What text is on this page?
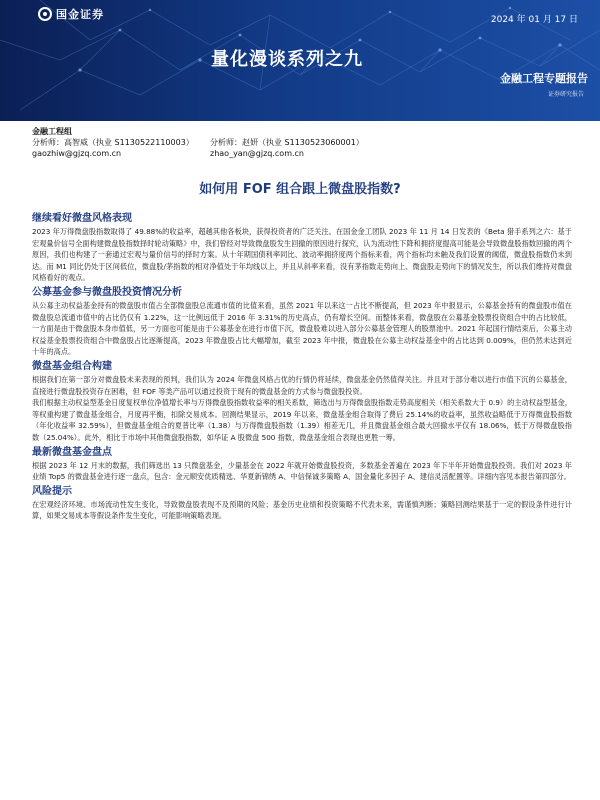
国金证券	2024 年 01 月 17 日
量化漫谈系列之九
金融工程专题报告
证券研究报告
金融工程组
分析师：高智威（执业 S1130522110003）	分析师：赵妍（执业 S1130523060001）
gaozhiw@gjzq.com.cn	zhao_yan@gjzq.com.cn
如何用 FOF 组合跟上微盘股指数?
继续看好微盘风格表现

2023 年万得微盘股指数取得了 49.88%的收益率，超越其他各板块，获得投资者的广泛关注。在国金金工团队 2023 年 11 月 14 日发表的《Beta 猎手系列之六：基于宏观量价信号全面构建微盘股指数择时轮动策略》中，我们曾经对导致微盘股发生回撤的原因进行探究，认为流动性下降和拥挤度提高可能是会导致微盘股指数回撤的两个原因，我们也构建了一套通过宏观与量价信号的择时方案。从十年期国债利率同比、波动率拥挤度两个指标来看，两个指标均未触及我们设置的阈值，微盘股指数仍未到达。而 M1 同比仍处于区间低位，微盘股/茅指数的相对净值处于年均线以上，并且从斜率来看，没有茅指数走势向上、微盘股走势向下的情况发生，所以我们维持对微盘风格看好的观点。

公募基金参与微盘股投资情况分析

从公募主动权益基金持有的微盘股市值占全部微盘股总流通市值的比值来看，虽然 2021 年以来这一占比不断提高，但 2023 年中报显示，公募基金持有的微盘股市值在微盘股总流通市值中的占比仍仅有 1.22%，这一比例远低于 2016 年 3.31%的历史高点，仍有增长空间。而整体来看，微盘股在公募基金股票投资组合中的占比较低，一方面是由于微盘股本身市值低，另一方面也可能是由于公募基金在进行市值下沉，微盘股难以进入部分公募基金管理人的股票池中。2021 年起国行情结束后，公募主动权益基金股票投资组合中微盘股占比逐渐提高，2023 年微盘股占比大幅增加，截至 2023 年中报，微盘股在公募主动权益基金中的占比达到 0.009%，但仍然未达到近十年的高点。

微盘基金组合构建

根据我们在第一部分对微盘股未来表现的预判，我们认为 2024 年微盘风格占优的行情仍将延续，微盘基金仍然值得关注。并且对于部分难以进行市值下沉的公募基金，直接进行微盘股投资存在困难，但 FOF 等类产品可以通过投资于现有的微盘基金的方式参与微盘股投资。

我们根据主动权益型基金日度复权单位净值增长率与万得微盘股指数收益率的相关系数，筛选出与万得微盘股指数走势高度相关（相关系数大于 0.9）的主动权益型基金，等权重构建了微盘基金组合，月度再平衡，扣除交易成本。回测结果显示，2019 年以来，微盘基金组合取得了费后 25.14%的收益率，虽然收益略低于万得微盘股指数（年化收益率 32.59%），但微盘基金组合的夏普比率（1.38）与万得微盘股指数（1.39）相差无几，并且微盘基金组合最大回撤水平仅有 18.06%，低于万得微盘股指数（25.04%）。此外，相比于市场中其他微盘股指数，如华证 A 股微盘 500 指数，微盘基金组合表现也更胜一筹。

最新微盘基金盘点

根据 2023 年 12 月末的数据，我们筛选出 13 只微盘基金，少量基金在 2022 年就开始微盘股投资，多数基金普遍在 2023 年下半年开始微盘股投资。我们对 2023 年业绩 Top5 的微盘基金进行逐一盘点，包含：金元顺安优质精选、华夏新锦绣 A、中信保诚多策略 A、国金量化多因子 A、建信灵活配置等。详细内容见本报告第四部分。

风险提示

在宏观经济环境、市场流动性发生变化，导致微盘股表现不及预期的风险；基金历史业绩和投资策略不代表未来，需谨慎判断；策略回测结果基于一定的假设条件进行计算，如果交易成本等假设条件发生变化，可能影响策略表现。
